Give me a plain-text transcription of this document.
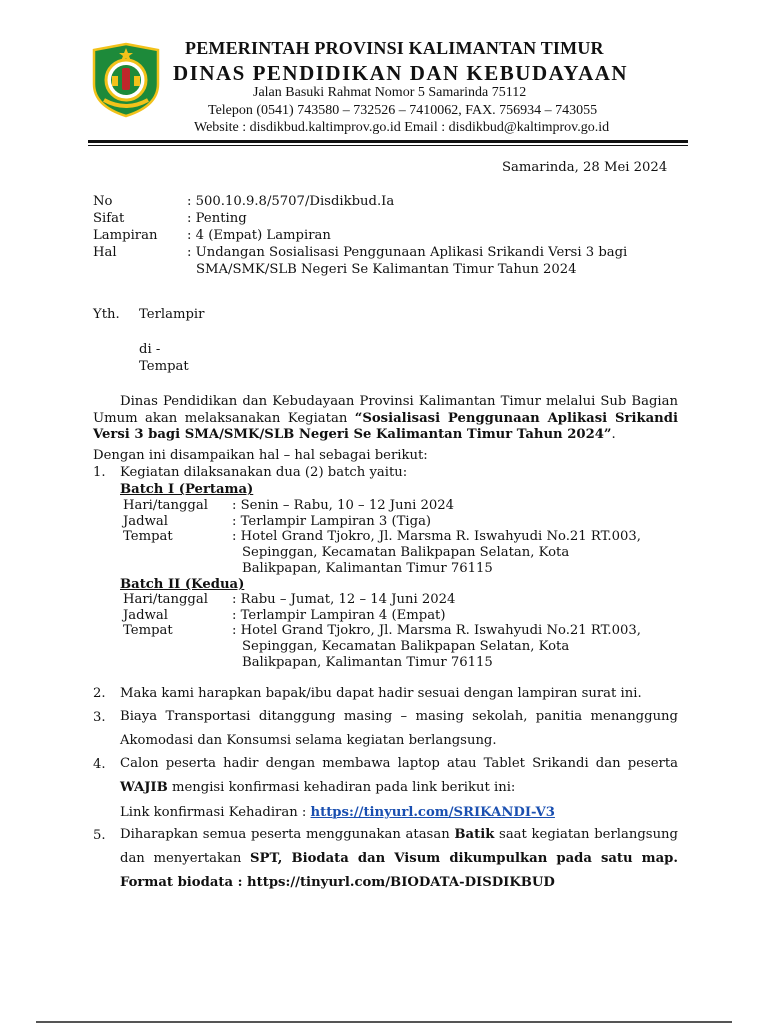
PEMERINTAH PROVINSI KALIMANTAN TIMUR
DINAS PENDIDIKAN DAN KEBUDAYAAN
Jalan Basuki Rahmat Nomor 5 Samarinda 75112
Telepon (0541) 743580 – 732526 – 7410062, FAX. 756934 – 743055
Website : disdikbud.kaltimprov.go.id Email : disdikbud@kaltimprov.go.id
Samarinda, 28 Mei 2024
No	: 500.10.9.8/5707/Disdikbud.Ia
Sifat	: Penting
Lampiran : 4 (Empat) Lampiran
Hal	: Undangan Sosialisasi Penggunaan Aplikasi Srikandi Versi 3 bagi
SMA/SMK/SLB Negeri Se Kalimantan Timur Tahun 2024
Yth. Terlampir
di -
Tempat
Dinas Pendidikan dan Kebudayaan Provinsi Kalimantan Timur melalui Sub Bagian Umum akan melaksanakan Kegiatan “Sosialisasi Penggunaan Aplikasi Srikandi Versi 3 bagi SMA/SMK/SLB Negeri Se Kalimantan Timur Tahun 2024”.
Dengan ini disampaikan hal – hal sebagai berikut:
1. Kegiatan dilaksanakan dua (2) batch yaitu:
Batch I (Pertama)
Hari/tanggal : Senin – Rabu, 10 – 12 Juni 2024
Jadwal	: Terlampir Lampiran 3 (Tiga)
Tempat	: Hotel Grand Tjokro, Jl. Marsma R. Iswahyudi No.21 RT.003,
Sepinggan, Kecamatan Balikpapan Selatan, Kota
Balikpapan, Kalimantan Timur 76115
Batch II (Kedua)
Hari/tanggal : Rabu – Jumat, 12 – 14 Juni 2024
Jadwal	: Terlampir Lampiran 4 (Empat)
Tempat	: Hotel Grand Tjokro, Jl. Marsma R. Iswahyudi No.21 RT.003,
Sepinggan, Kecamatan Balikpapan Selatan, Kota
Balikpapan, Kalimantan Timur 76115
2. Maka kami harapkan bapak/ibu dapat hadir sesuai dengan lampiran surat ini.
3. Biaya Transportasi ditanggung masing – masing sekolah, panitia menanggung Akomodasi dan Konsumsi selama kegiatan berlangsung.
4. Calon peserta hadir dengan membawa laptop atau Tablet Srikandi dan peserta WAJIB mengisi konfirmasi kehadiran pada link berikut ini:
Link konfirmasi Kehadiran : https://tinyurl.com/SRIKANDI-V3
5. Diharapkan semua peserta menggunakan atasan Batik saat kegiatan berlangsung dan menyertakan SPT, Biodata dan Visum dikumpulkan pada satu map. Format biodata : https://tinyurl.com/BIODATA-DISDIKBUD
